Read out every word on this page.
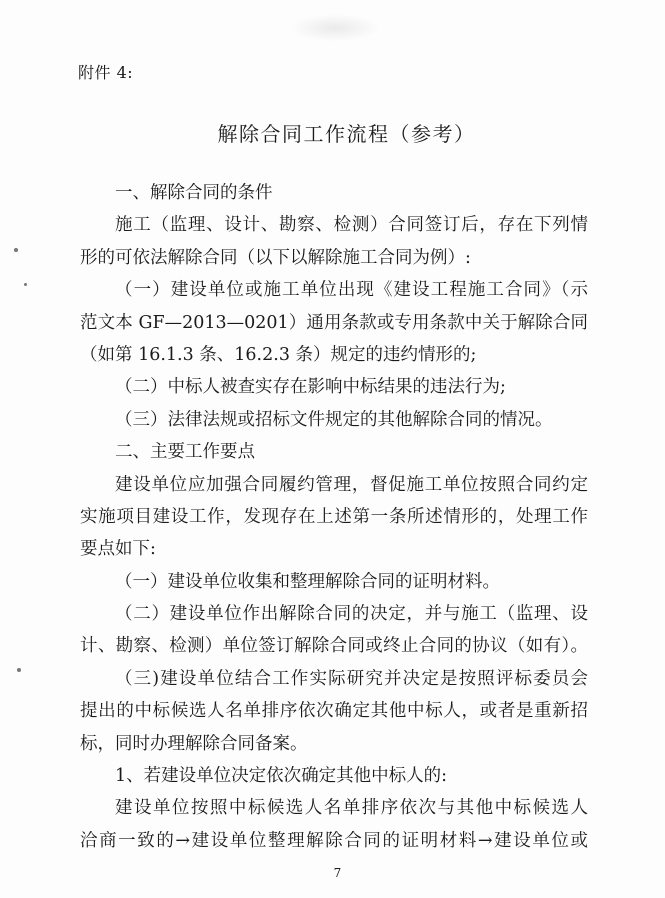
附件 4:
解除合同工作流程（参考）
一、解除合同的条件
施工（监理、设计、勘察、检测）合同签订后，存在下列情
形的可依法解除合同（以下以解除施工合同为例）:
（一）建设单位或施工单位出现《建设工程施工合同》（示
范文本 GF—2013—0201）通用条款或专用条款中关于解除合同
（如第 16.1.3 条、16.2.3 条）规定的违约情形的;
（二）中标人被查实存在影响中标结果的违法行为;
（三）法律法规或招标文件规定的其他解除合同的情况。
二、主要工作要点
建设单位应加强合同履约管理，督促施工单位按照合同约定
实施项目建设工作，发现存在上述第一条所述情形的，处理工作
要点如下:
（一）建设单位收集和整理解除合同的证明材料。
（二）建设单位作出解除合同的决定，并与施工（监理、设
计、勘察、检测）单位签订解除合同或终止合同的协议（如有）。
（三)建设单位结合工作实际研究并决定是按照评标委员会
提出的中标候选人名单排序依次确定其他中标人，或者是重新招
标，同时办理解除合同备案。
1、若建设单位决定依次确定其他中标人的:
建设单位按照中标候选人名单排序依次与其他中标候选人
洽商一致的→建设单位整理解除合同的证明材料→建设单位或
7
